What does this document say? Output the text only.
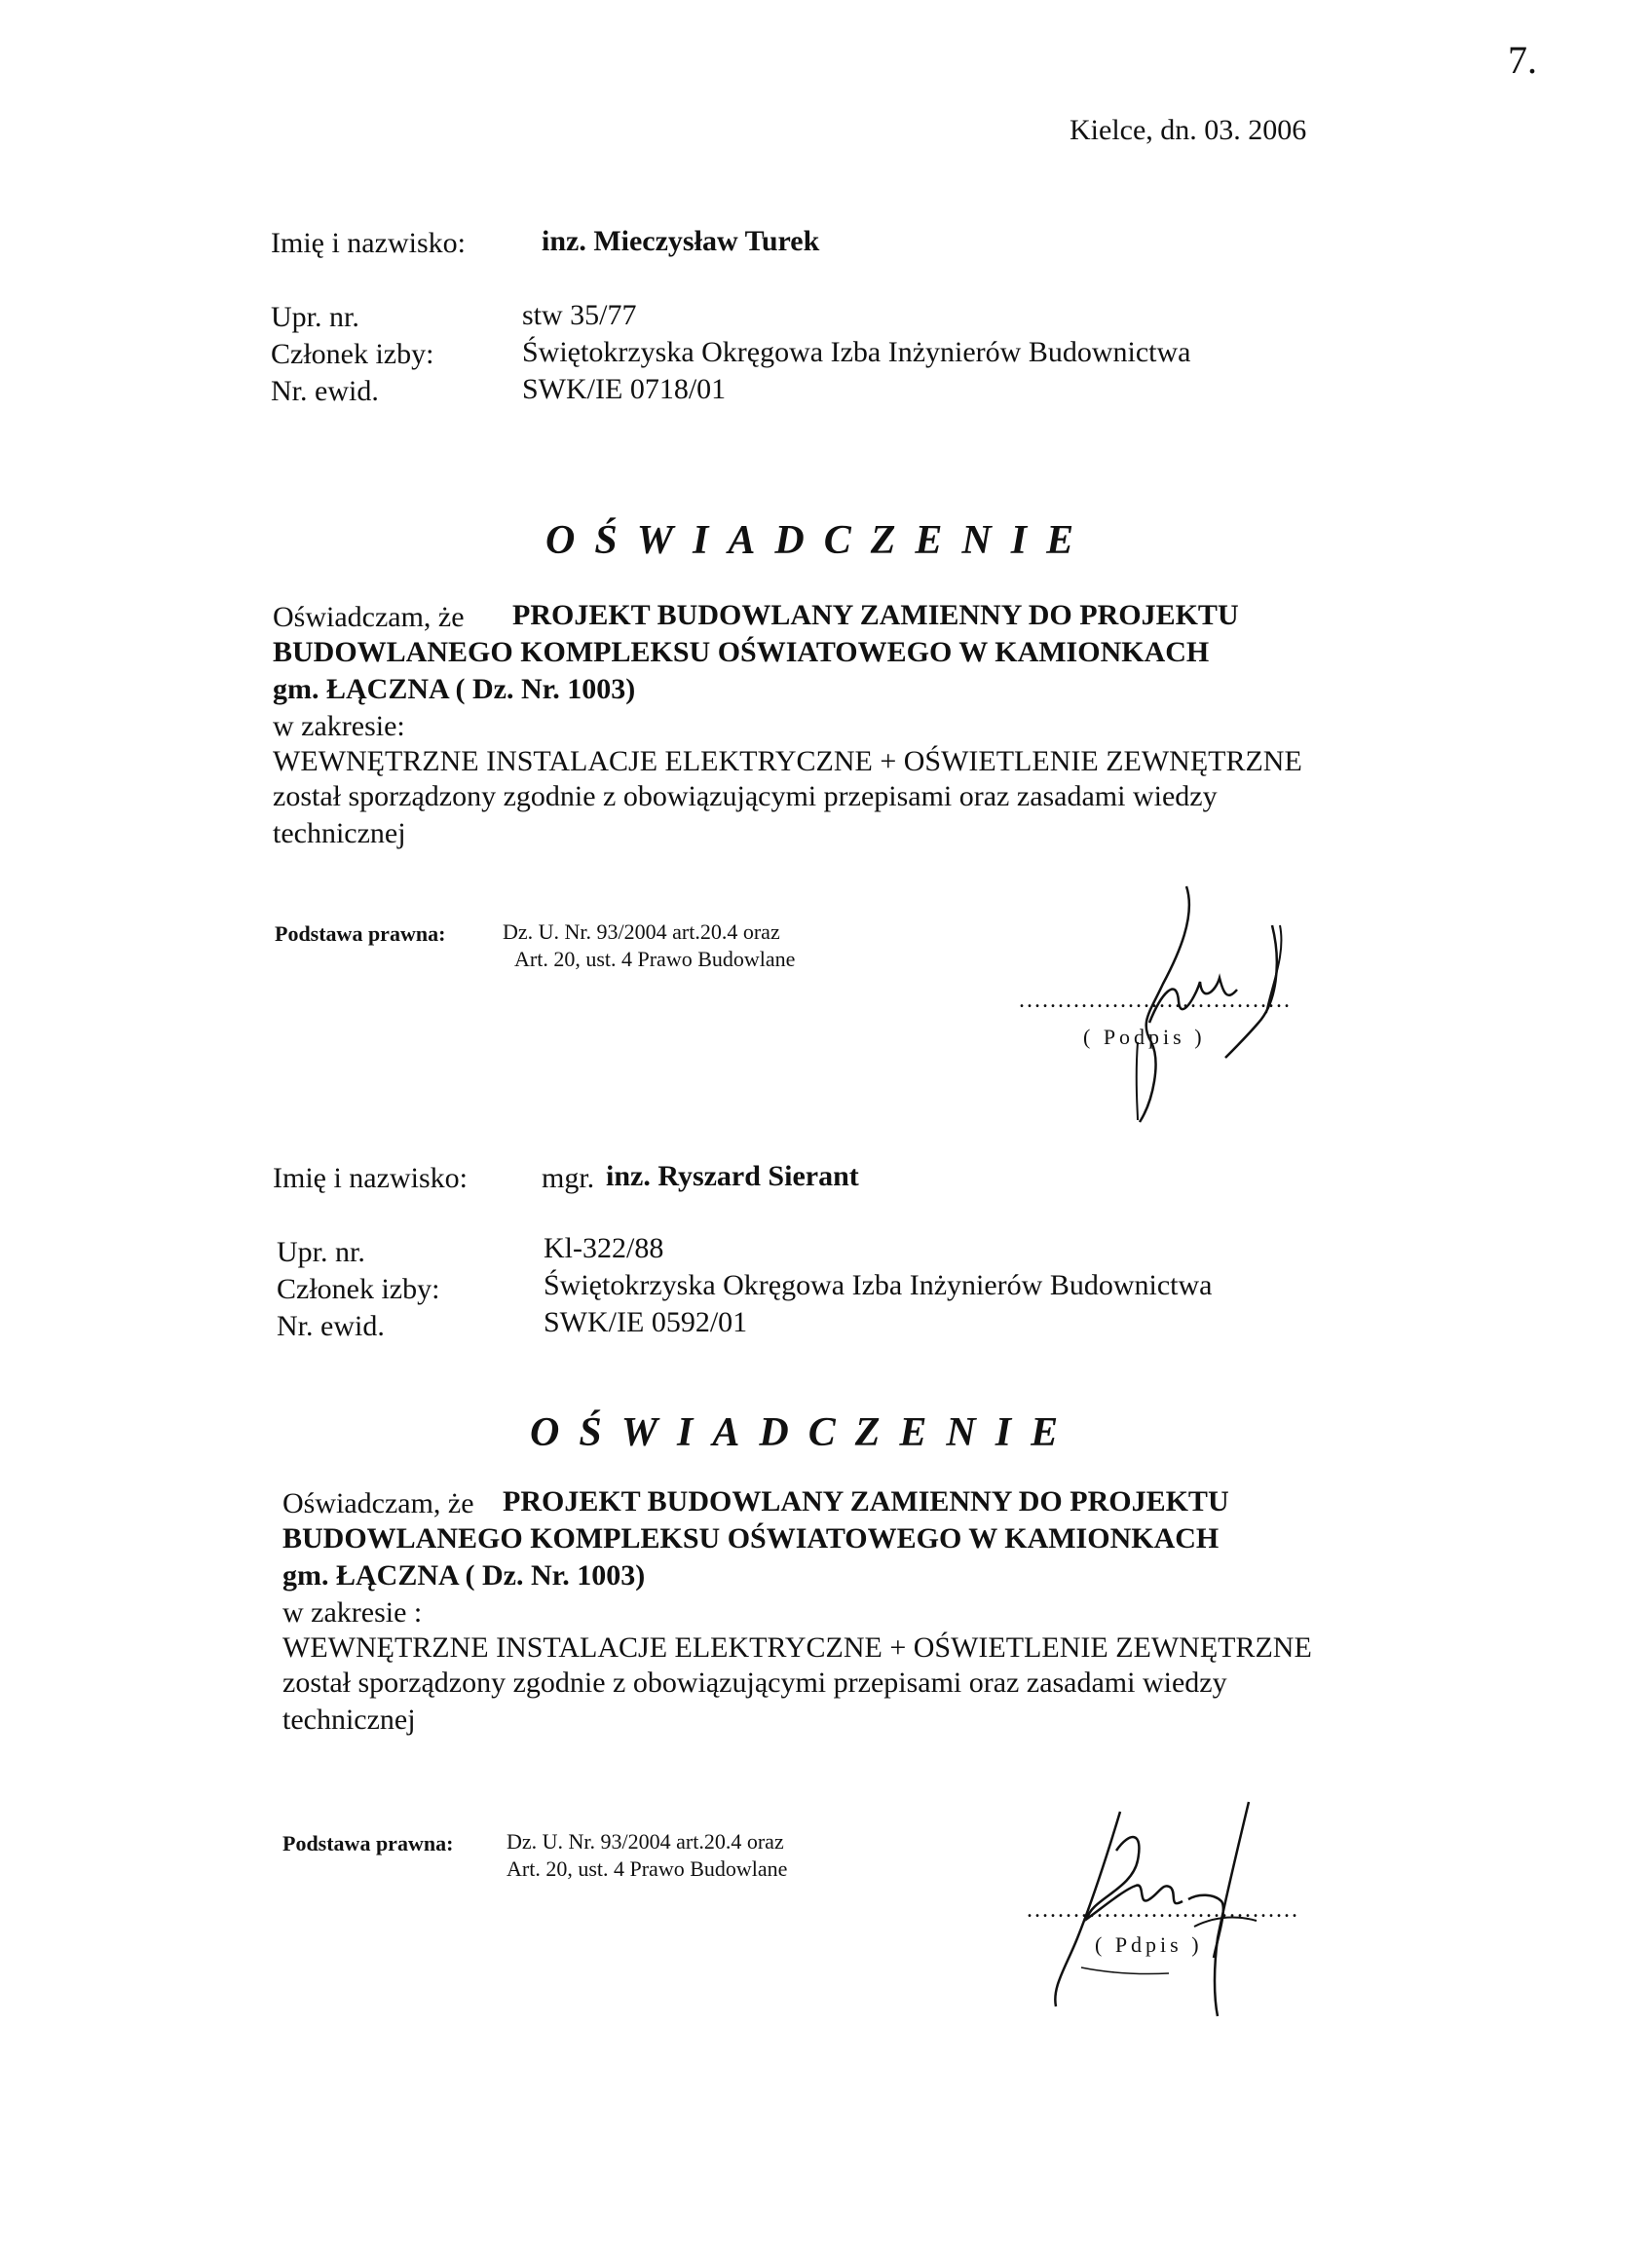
7.
Kielce, dn. 03. 2006
Imię i nazwisko:	inz. Mieczysław Turek
Upr. nr.	stw 35/77
Członek izby:	Świętokrzyska Okręgowa Izba Inżynierów Budownictwa
Nr. ewid.	SWK/IE 0718/01
OŚWIADCZENIE
Oświadczam, że PROJEKT BUDOWLANY ZAMIENNY DO PROJEKTU
BUDOWLANEGO KOMPLEKSU OŚWIATOWEGO W KAMIONKACH
gm. ŁĄCZNA ( Dz. Nr. 1003)
w zakresie:
WEWNĘTRZNE INSTALACJE ELEKTRYCZNE + OŚWIETLENIE ZEWNĘTRZNE
został sporządzony zgodnie z obowiązującymi przepisami oraz zasadami wiedzy
technicznej
Podstawa prawna:	Dz. U. Nr. 93/2004 art.20.4 oraz
Art. 20, ust. 4 Prawo Budowlane
...................................
( Podpis )
Imię i nazwisko:	mgr. inz. Ryszard Sierant
Upr. nr.	Kl-322/88
Członek izby:	Świętokrzyska Okręgowa Izba Inżynierów Budownictwa
Nr. ewid.	SWK/IE 0592/01
OŚWIADCZENIE
Oświadczam, że PROJEKT BUDOWLANY ZAMIENNY DO PROJEKTU
BUDOWLANEGO KOMPLEKSU OŚWIATOWEGO W KAMIONKACH
gm. ŁĄCZNA ( Dz. Nr. 1003)
w zakresie :
WEWNĘTRZNE INSTALACJE ELEKTRYCZNE + OŚWIETLENIE ZEWNĘTRZNE
został sporządzony zgodnie z obowiązującymi przepisami oraz zasadami wiedzy
technicznej
Podstawa prawna: Dz. U. Nr. 93/2004 art.20.4 oraz
Art. 20, ust. 4 Prawo Budowlane
...................................
( Pdpis )
